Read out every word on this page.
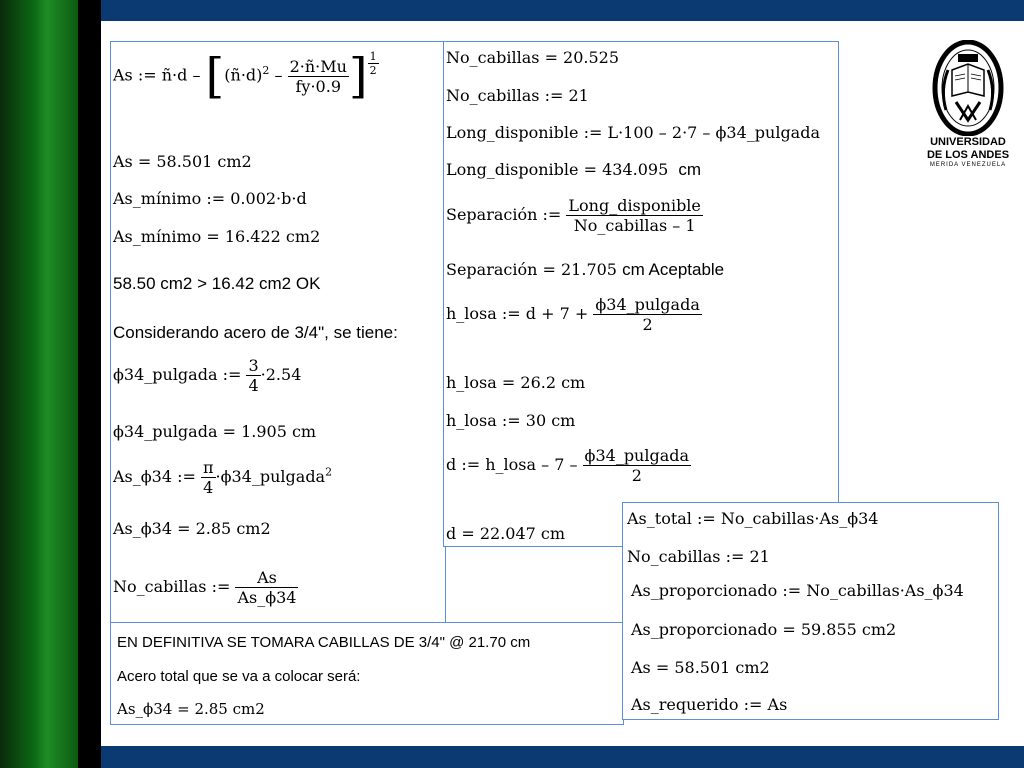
As := ñ·d – [(ñ·d)$^2$ – $\frac{2\cdot ñ\cdot Mu}{fy\cdot 0.9}$ ] $\frac{1}{2}$
As = 58.501 cm2
As_mínimo := 0.002·b·d
As_mínimo = 16.422 cm2
58.50 cm2 > 16.42 cm2 OK
Considerando acero de 3/4", se tiene:
ϕ34_pulgada := $\frac{3}{4} \cdot 2.54$
ϕ34_pulgada = 1.905 cm
As_ϕ34 := $\frac{\pi}{4}$ ·ϕ34_pulgada$^2$
As_ϕ34 = 2.85 cm2
No_cabillas := $\frac{As}{As\_\phi 34}$
No_cabillas = 20.525
No_cabillas := 21
Long_disponible := L·100 – 2·7 – ϕ34_pulgada
Long_disponible = 434.095 cm
Separación := $\frac{\text{Long\_disponible}}{\text{No\_cabillas – 1}}$
Separación = 21.705 cm Aceptable
h_losa := $d + 7 + \frac{\text{ϕ34\_pulgada}}{2}$
h_losa = 26.2 cm
h_losa := 30 cm
d := h_losa – $7 - \frac{\text{ϕ34\_pulgada}}{2}$
d = 22.047 cm
EN DEFINITIVA SE TOMARA CABILLAS DE 3/4" @ 21.70 cm
Acero total que se va a colocar será:
As_ϕ34 = 2.85 cm2
As_total := No_cabillas·As_ϕ34
No_cabillas := 21
As_proporcionado := No_cabillas·As_ϕ34
As_proporcionado = 59.855 cm2
As = 58.501 cm2
As_requerido := As
UNIVERSIDAD
DE LOS ANDES
MERIDA VENEZUELA
